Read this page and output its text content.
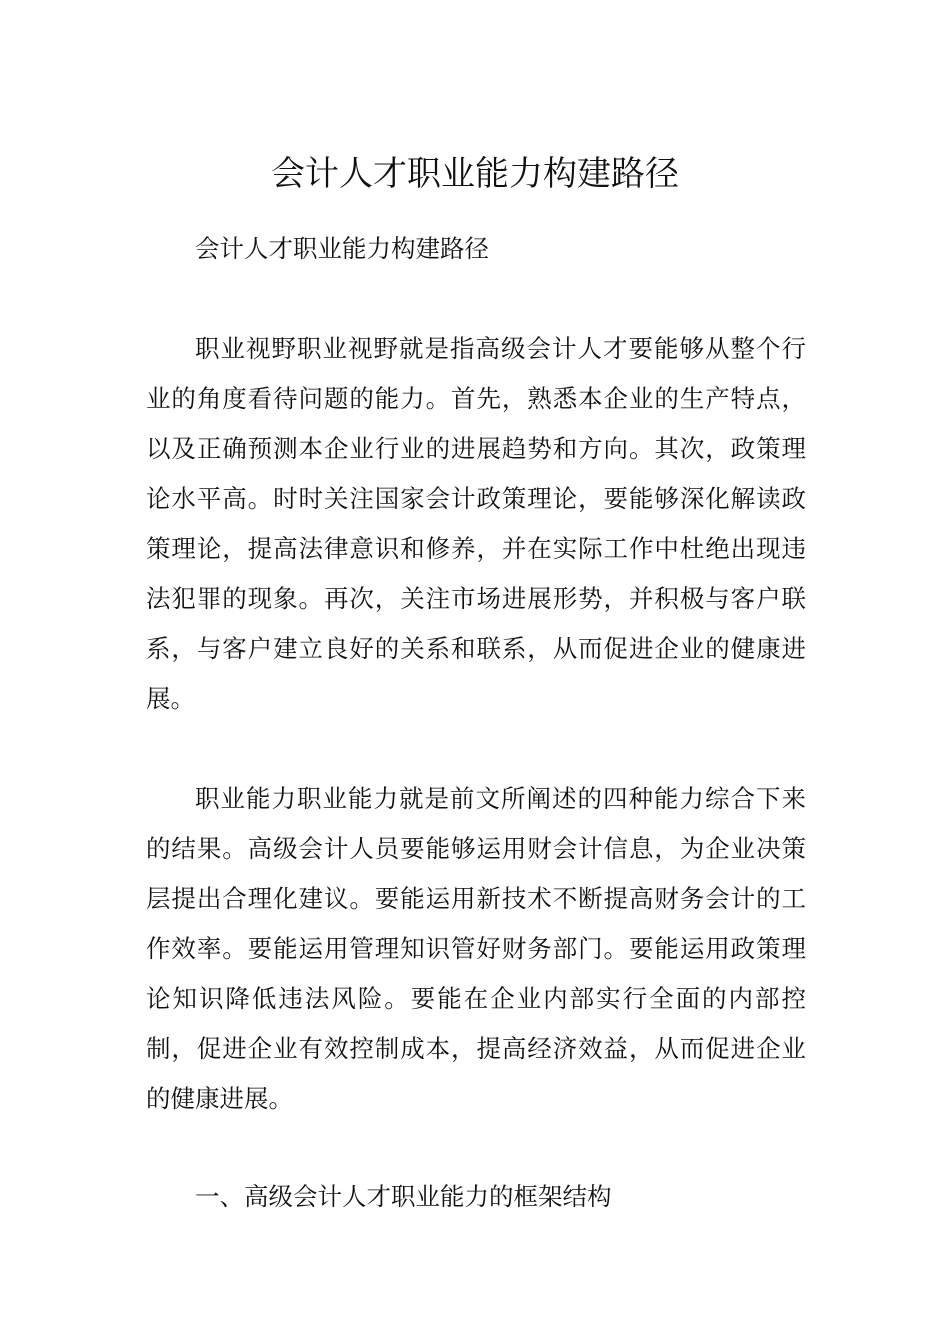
会计人才职业能力构建路径

会计人才职业能力构建路径

职业视野职业视野就是指高级会计人才要能够从整个行业的角度看待问题的能力。首先，熟悉本企业的生产特点，以及正确预测本企业行业的进展趋势和方向。其次，政策理论水平高。时时关注国家会计政策理论，要能够深化解读政策理论，提高法律意识和修养，并在实际工作中杜绝出现违法犯罪的现象。再次，关注市场进展形势，并积极与客户联系，与客户建立良好的关系和联系，从而促进企业的健康进展。

职业能力职业能力就是前文所阐述的四种能力综合下来的结果。高级会计人员要能够运用财会计信息，为企业决策层提出合理化建议。要能运用新技术不断提高财务会计的工作效率。要能运用管理知识管好财务部门。要能运用政策理论知识降低违法风险。要能在企业内部实行全面的内部控制，促进企业有效控制成本，提高经济效益，从而促进企业的健康进展。

一、高级会计人才职业能力的框架结构
